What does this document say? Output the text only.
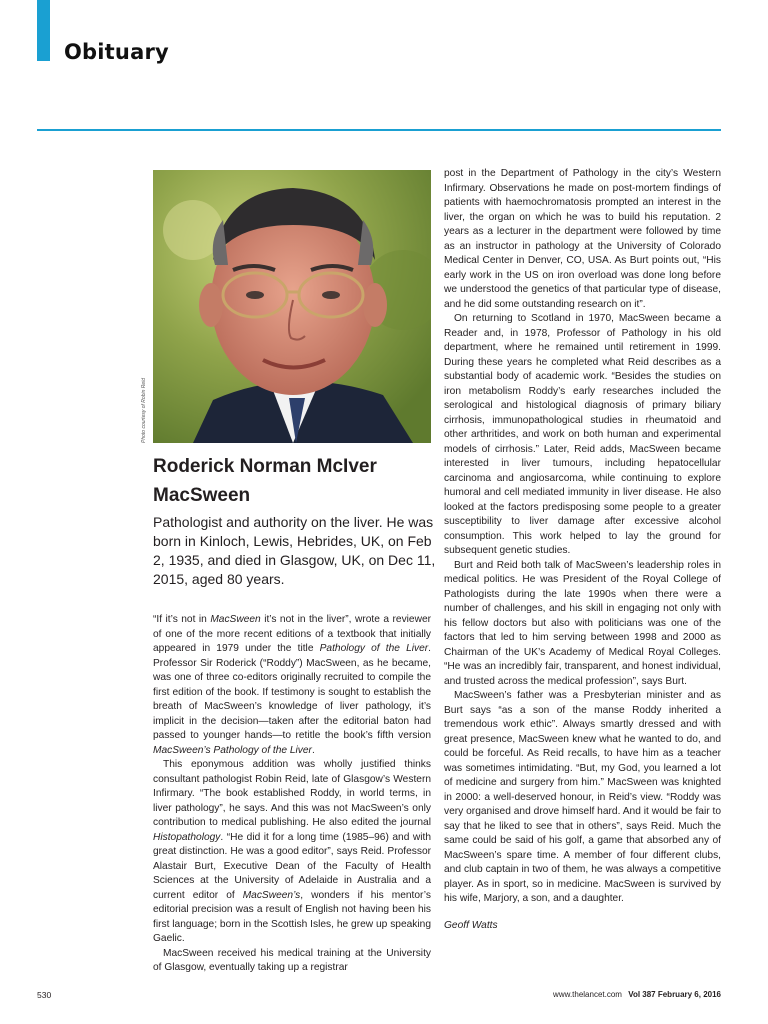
Obituary
Photo courtesy of Robin Reid
Roderick Norman McIver MacSween

Pathologist and authority on the liver. He was born in Kinloch, Lewis, Hebrides, UK, on Feb 2, 1935, and died in Glasgow, UK, on Dec 11, 2015, aged 80 years.

“If it’s not in MacSween it’s not in the liver”, wrote a reviewer of one of the more recent editions of a textbook that initially appeared in 1979 under the title Pathology of the Liver. Professor Sir Roderick (“Roddy”) MacSween, as he became, was one of three co-editors originally recruited to compile the first edition of the book. If testimony is sought to establish the breath of MacSween’s knowledge of liver pathology, it’s implicit in the decision—taken after the editorial baton had passed to younger hands—to retitle the book’s fifth version MacSween’s Pathology of the Liver.

This eponymous addition was wholly justified thinks consultant pathologist Robin Reid, late of Glasgow’s Western Infirmary. “The book established Roddy, in world terms, in liver pathology”, he says. And this was not MacSween’s only contribution to medical publishing. He also edited the journal Histopathology. “He did it for a long time (1985–96) and with great distinction. He was a good editor”, says Reid. Professor Alastair Burt, Executive Dean of the Faculty of Health Sciences at the University of Adelaide in Australia and a current editor of MacSween’s, wonders if his mentor’s editorial precision was a result of English not having been his first language; born in the Scottish Isles, he grew up speaking Gaelic.

MacSween received his medical training at the University of Glasgow, eventually taking up a registrar

post in the Department of Pathology in the city’s Western Infirmary. Observations he made on post-mortem findings of patients with haemochromatosis prompted an interest in the liver, the organ on which he was to build his reputation. 2 years as a lecturer in the department were followed by time as an instructor in pathology at the University of Colorado Medical Center in Denver, CO, USA. As Burt points out, “His early work in the US on iron overload was done long before we understood the genetics of that particular type of disease, and he did some outstanding research on it”.

On returning to Scotland in 1970, MacSween became a Reader and, in 1978, Professor of Pathology in his old department, where he remained until retirement in 1999. During these years he completed what Reid describes as a substantial body of academic work. “Besides the studies on iron metabolism Roddy’s early researches included the serological and histological diagnosis of primary biliary cirrhosis, immunopathological studies in rheumatoid and other arthritides, and work on both human and experimental models of cirrhosis.” Later, Reid adds, MacSween became interested in liver tumours, including hepatocellular carcinoma and angiosarcoma, while continuing to explore humoral and cell mediated immunity in liver disease. He also looked at the factors predisposing some people to a greater susceptibility to liver damage after excessive alcohol consumption. This work helped to lay the ground for subsequent genetic studies.

Burt and Reid both talk of MacSween’s leadership roles in medical politics. He was President of the Royal College of Pathologists during the late 1990s when there were a number of challenges, and his skill in engaging not only with his fellow doctors but also with politicians was one of the factors that led to him serving between 1998 and 2000 as Chairman of the UK’s Academy of Medical Royal Colleges. “He was an incredibly fair, transparent, and honest individual, and trusted across the medical profession”, says Burt.

MacSween’s father was a Presbyterian minister and as Burt says “as a son of the manse Roddy inherited a tremendous work ethic”. Always smartly dressed and with great presence, MacSween knew what he wanted to do, and could be forceful. As Reid recalls, to have him as a teacher was sometimes intimidating. “But, my God, you learned a lot of medicine and surgery from him.” MacSween was knighted in 2000: a well-deserved honour, in Reid’s view. “Roddy was very organised and drove himself hard. And it would be fair to say that he liked to see that in others”, says Reid. Much the same could be said of his golf, a game that absorbed any of MacSween’s spare time. A member of four different clubs, and club captain in two of them, he was always a competitive player. As in sport, so in medicine. MacSween is survived by his wife, Marjory, a son, and a daughter.

Geoff Watts

530	www.thelancet.com Vol 387 February 6, 2016
